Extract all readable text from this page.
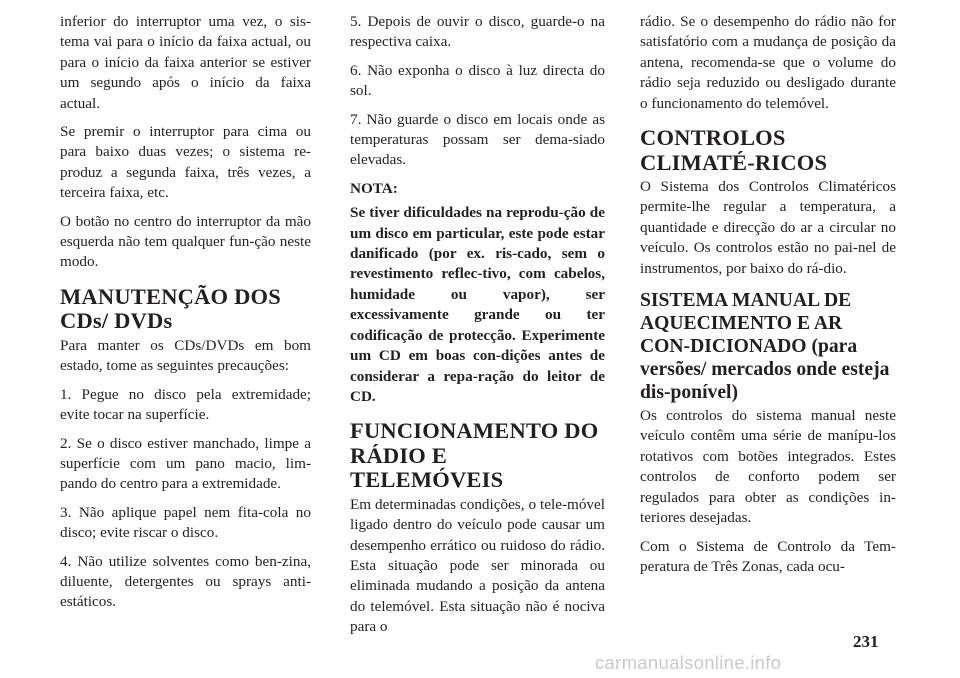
inferior do interruptor uma vez, o sis-tema vai para o início da faixa actual, ou para o início da faixa anterior se estiver um segundo após o início da faixa actual.

Se premir o interruptor para cima ou para baixo duas vezes; o sistema re-produz a segunda faixa, três vezes, a terceira faixa, etc.

O botão no centro do interruptor da mão esquerda não tem qualquer fun-ção neste modo.

MANUTENÇÃO DOS CDs/ DVDs

Para manter os CDs/DVDs em bom estado, tome as seguintes precauções:

1. Pegue no disco pela extremidade; evite tocar na superfície.

2. Se o disco estiver manchado, limpe a superfície com um pano macio, lim-pando do centro para a extremidade.

3. Não aplique papel nem fita-cola no disco; evite riscar o disco.

4. Não utilize solventes como ben-zina, diluente, detergentes ou sprays anti-estáticos.

5. Depois de ouvir o disco, guarde-o na respectiva caixa.

6. Não exponha o disco à luz directa do sol.

7. Não guarde o disco em locais onde as temperaturas possam ser dema-siado elevadas.

NOTA:

Se tiver dificuldades na reprodu-ção de um disco em particular, este pode estar danificado (por ex. ris-cado, sem o revestimento reflec-tivo, com cabelos, humidade ou vapor), ser excessivamente grande ou ter codificação de protecção. Experimente um CD em boas con-dições antes de considerar a repa-ração do leitor de CD.

FUNCIONAMENTO DO RÁDIO E TELEMÓVEIS

Em determinadas condições, o tele-móvel ligado dentro do veículo pode causar um desempenho errático ou ruidoso do rádio. Esta situação pode ser minorada ou eliminada mudando a posição da antena do telemóvel. Esta situação não é nociva para o

rádio. Se o desempenho do rádio não for satisfatório com a mudança de posição da antena, recomenda-se que o volume do rádio seja reduzido ou desligado durante o funcionamento do telemóvel.

CONTROLOS CLIMATÉ-RICOS

O Sistema dos Controlos Climatéricos permite-lhe regular a temperatura, a quantidade e direcção do ar a circular no veículo. Os controlos estão no pai-nel de instrumentos, por baixo do rá-dio.

SISTEMA MANUAL DE AQUECIMENTO E AR CON-DICIONADO (para versões/ mercados onde esteja dis-ponível)

Os controlos do sistema manual neste veículo contêm uma série de manípu-los rotativos com botões integrados. Estes controlos de conforto podem ser regulados para obter as condições in-teriores desejadas.

Com o Sistema de Controlo da Tem-peratura de Três Zonas, cada ocu-

231
carmanualsonline.info
